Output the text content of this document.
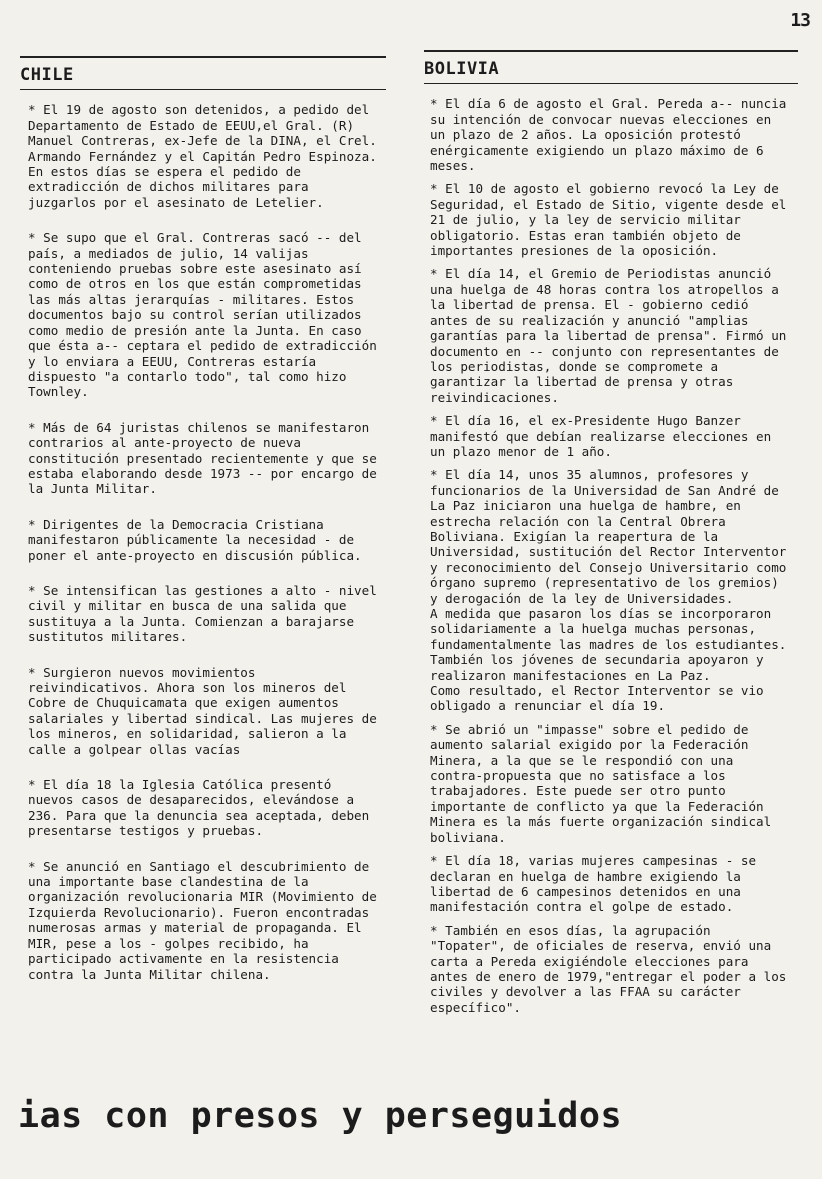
13
CHILE

* El 19 de agosto son detenidos, a pedido del Departamento de Estado de EEUU,el Gral. (R) Manuel Contreras, ex-Jefe de la DINA, el Crel. Armando Fernández y el Capitán Pedro Espinoza. En estos días se espera el pedido de extradicción de dichos militares para juzgarlos por el asesinato de Letelier.

* Se supo que el Gral. Contreras sacó -- del país, a mediados de julio, 14 valijas conteniendo pruebas sobre este asesinato así como de otros en los que están comprometidas las más altas jerarquías - militares. Estos documentos bajo su control serían utilizados como medio de presión ante la Junta. En caso que ésta a-- ceptara el pedido de extradicción y lo enviara a EEUU, Contreras estaría dispuesto "a contarlo todo", tal como hizo Townley.

* Más de 64 juristas chilenos se manifestaron contrarios al ante-proyecto de nueva constitución presentado recientemente y que se estaba elaborando desde 1973 -- por encargo de la Junta Militar.

* Dirigentes de la Democracia Cristiana manifestaron públicamente la necesidad - de poner el ante-proyecto en discusión pública.

* Se intensifican las gestiones a alto - nivel civil y militar en busca de una salida que sustituya a la Junta. Comienzan a barajarse sustitutos militares.

* Surgieron nuevos movimientos reivindicativos. Ahora son los mineros del Cobre de Chuquicamata que exigen aumentos salariales y libertad sindical. Las mujeres de los mineros, en solidaridad, salieron a la calle a golpear ollas vacías

* El día 18 la Iglesia Católica presentó nuevos casos de desaparecidos, elevándose a 236. Para que la denuncia sea aceptada, deben presentarse testigos y pruebas.

* Se anunció en Santiago el descubrimiento de una importante base clandestina de la organización revolucionaria MIR (Movimiento de Izquierda Revolucionario). Fueron encontradas numerosas armas y material de propaganda. El MIR, pese a los - golpes recibido, ha participado activamente en la resistencia contra la Junta Militar chilena.

BOLIVIA

* El día 6 de agosto el Gral. Pereda a-- nuncia su intención de convocar nuevas elecciones en un plazo de 2 años. La oposición protestó enérgicamente exigiendo un plazo máximo de 6 meses.

* El 10 de agosto el gobierno revocó la Ley de Seguridad, el Estado de Sitio, vigente desde el 21 de julio, y la ley de servicio militar obligatorio. Estas eran también objeto de importantes presiones de la oposición.

* El día 14, el Gremio de Periodistas anunció una huelga de 48 horas contra los atropellos a la libertad de prensa. El - gobierno cedió antes de su realización y anunció "amplias garantías para la libertad de prensa". Firmó un documento en -- conjunto con representantes de los periodistas, donde se compromete a garantizar la libertad de prensa y otras reivindicaciones.

* El día 16, el ex-Presidente Hugo Banzer manifestó que debían realizarse elecciones en un plazo menor de 1 año.

* El día 14, unos 35 alumnos, profesores y funcionarios de la Universidad de San André de La Paz iniciaron una huelga de hambre, en estrecha relación con la Central Obrera Boliviana. Exigían la reapertura de la Universidad, sustitución del Rector Interventor y reconocimiento del Consejo Universitario como órgano supremo (representativo de los gremios) y derogación de la ley de Universidades.
A medida que pasaron los días se incorporaron solidariamente a la huelga muchas personas, fundamentalmente las madres de los estudiantes. También los jóvenes de secundaria apoyaron y realizaron manifestaciones en La Paz.
Como resultado, el Rector Interventor se vio obligado a renunciar el día 19.

* Se abrió un "impasse" sobre el pedido de aumento salarial exigido por la Federación Minera, a la que se le respondió con una contra-propuesta que no satisface a los trabajadores. Este puede ser otro punto importante de conflicto ya que la Federación Minera es la más fuerte organización sindical boliviana.

* El día 18, varias mujeres campesinas - se declaran en huelga de hambre exigiendo la libertad de 6 campesinos detenidos en una manifestación contra el golpe de estado.

* También en esos días, la agrupación "Topater", de oficiales de reserva, envió una carta a Pereda exigiéndole elecciones para antes de enero de 1979,"entregar el poder a los civiles y devolver a las FFAA su carácter específico".

ias con presos y perseguidos
